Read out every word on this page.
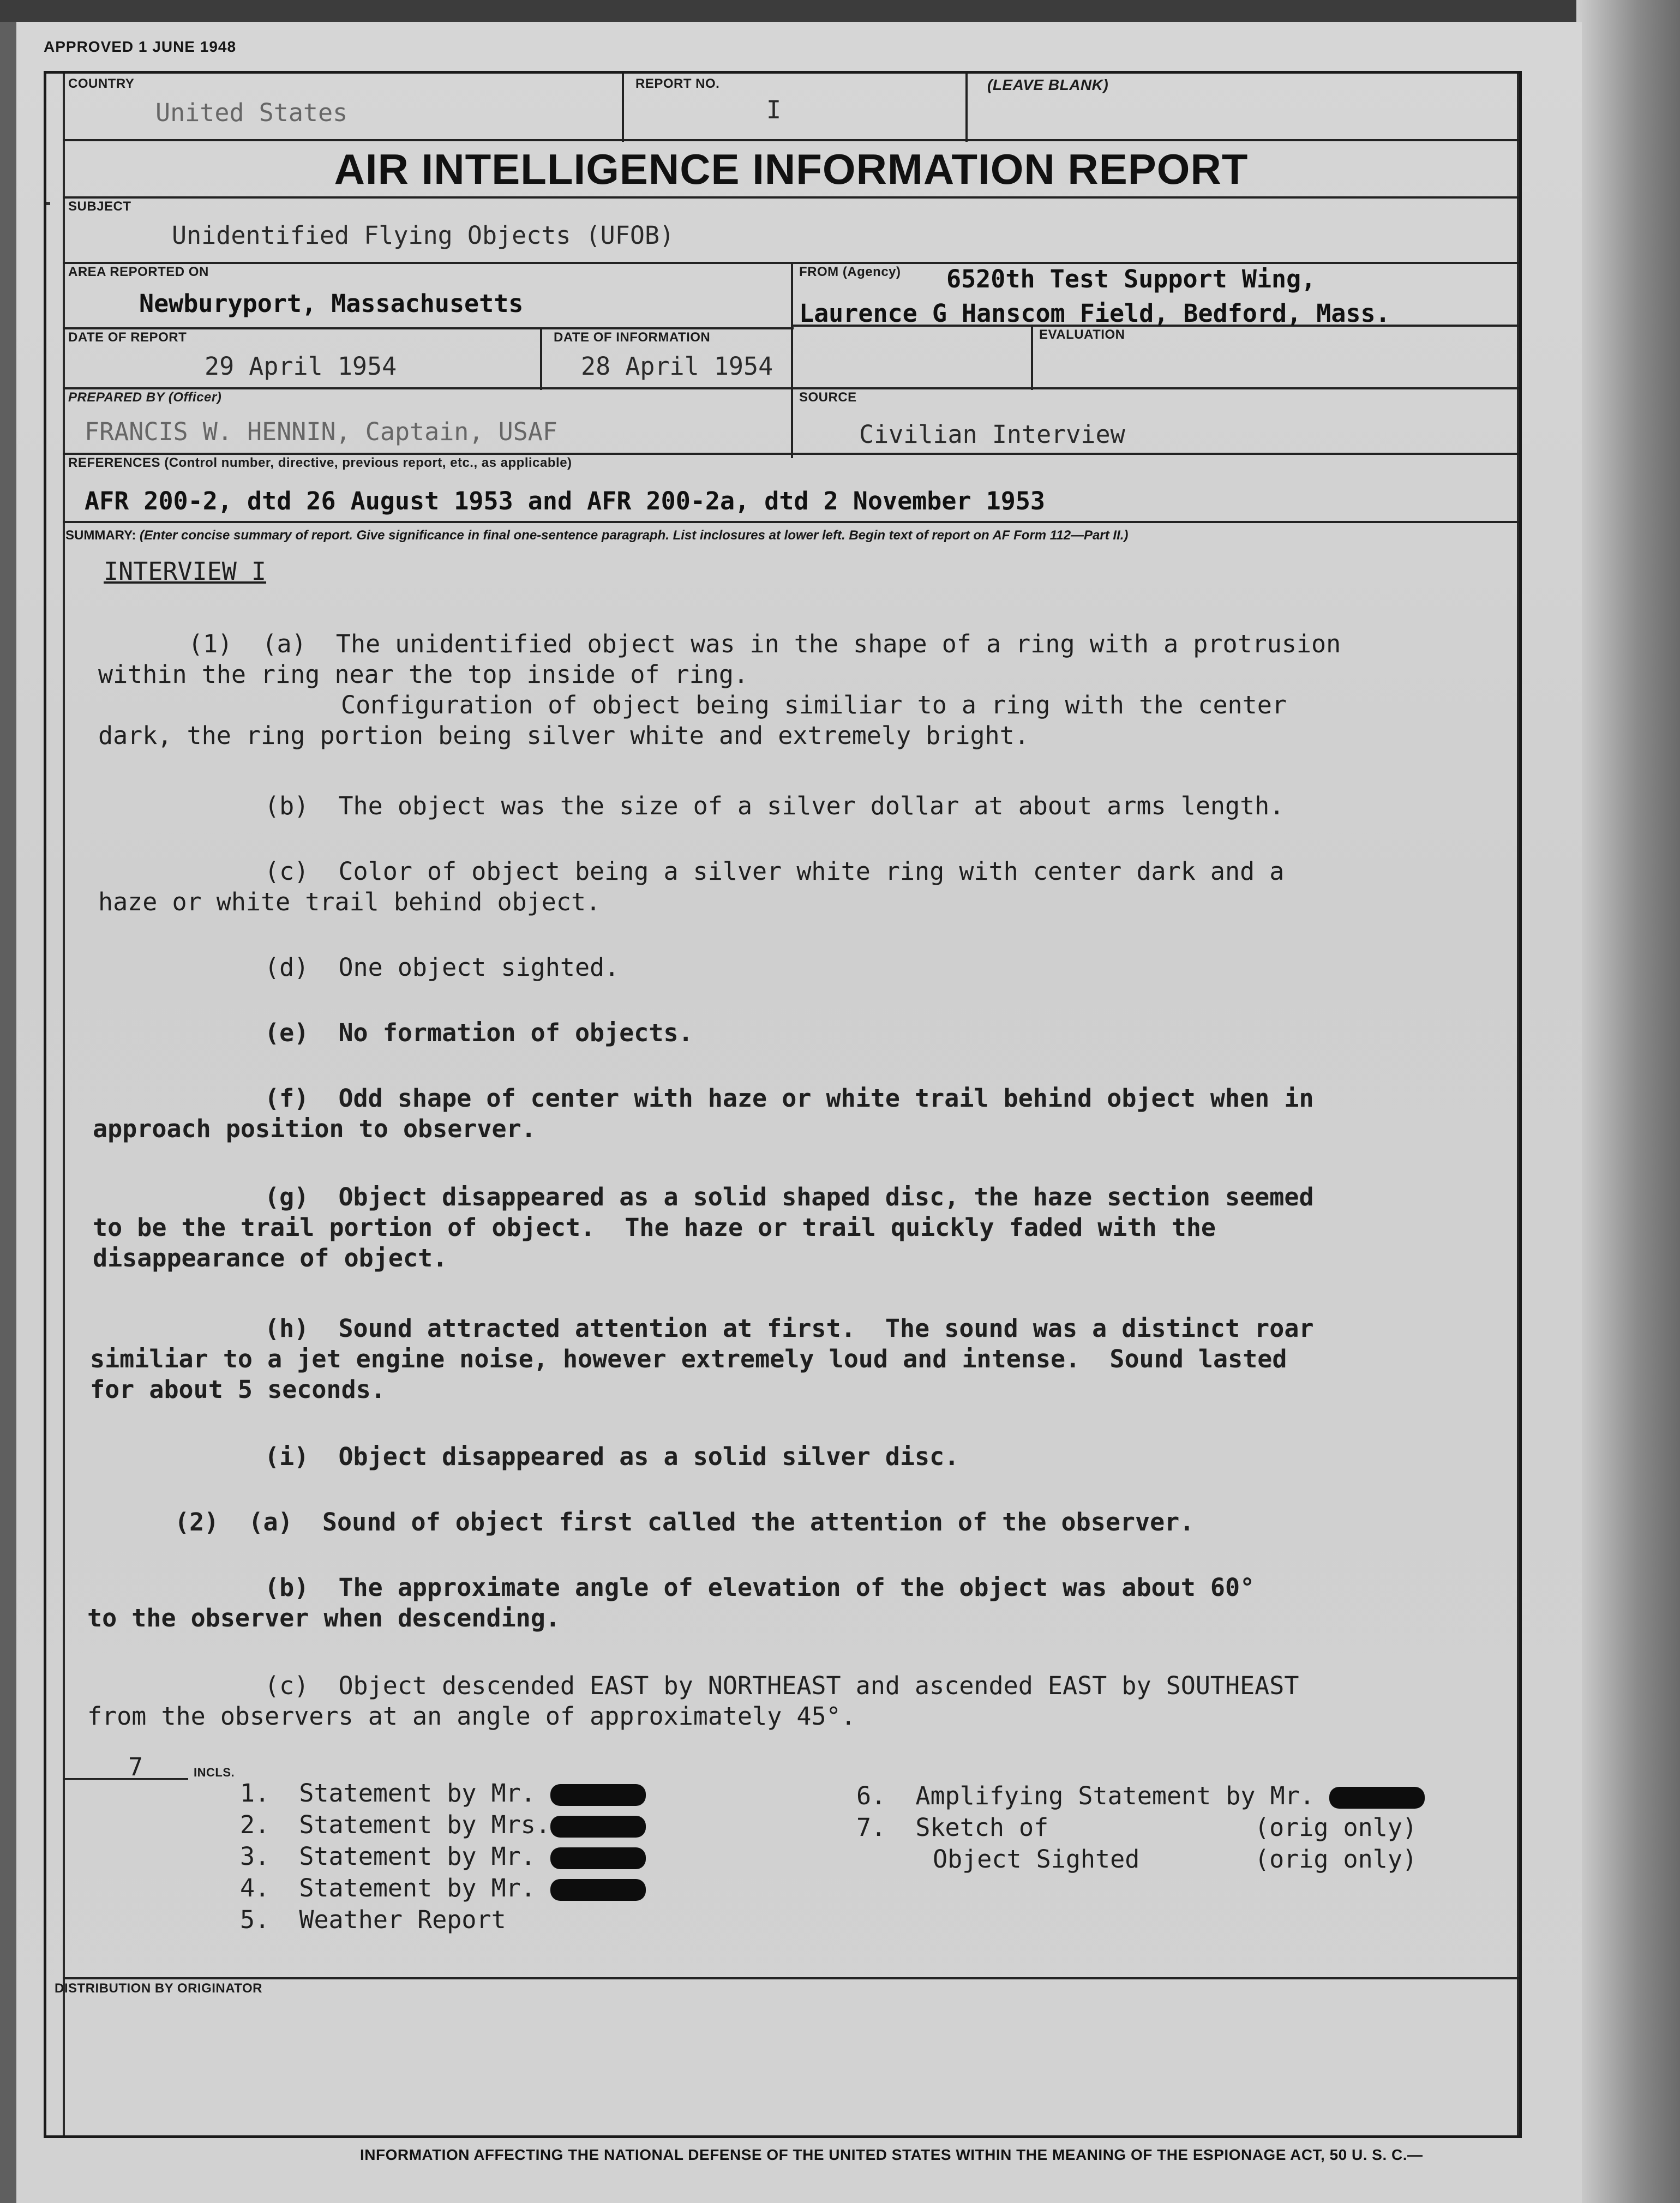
APPROVED 1 JUNE 1948
COUNTRY
United States
REPORT NO.
I
(LEAVE BLANK)
AIR INTELLIGENCE INFORMATION REPORT
SUBJECT
Unidentified Flying Objects (UFOB)
AREA REPORTED ON
Newburyport, Massachusetts
FROM (Agency) 6520th Test Support Wing,
Laurence G Hanscom Field, Bedford, Mass.
DATE OF REPORT
29 April 1954
DATE OF INFORMATION
28 April 1954
EVALUATION
PREPARED BY (Officer)
FRANCIS W. HENNIN, Captain, USAF
SOURCE
Civilian Interview
REFERENCES (Control number, directive, previous report, etc., as applicable)
AFR 200-2, dtd 26 August 1953 and AFR 200-2a, dtd 2 November 1953
SUMMARY: (Enter concise summary of report. Give significance in final one-sentence paragraph. List inclosures at lower left. Begin text of report on AF Form 112—Part II.)
INTERVIEW I
(1)  (a)  The unidentified object was in the shape of a ring with a protrusion
within the ring near the top inside of ring.
Configuration of object being similiar to a ring with the center
dark, the ring portion being silver white and extremely bright.
(b)  The object was the size of a silver dollar at about arms length.
(c)  Color of object being a silver white ring with center dark and a
haze or white trail behind object.
(d)  One object sighted.
(e)  No formation of objects.
(f)  Odd shape of center with haze or white trail behind object when in
approach position to observer.
(g)  Object disappeared as a solid shaped disc, the haze section seemed
to be the trail portion of object.  The haze or trail quickly faded with the
disappearance of object.
(h)  Sound attracted attention at first.  The sound was a distinct roar
similiar to a jet engine noise, however extremely loud and intense.  Sound lasted
for about 5 seconds.
(i)  Object disappeared as a solid silver disc.
(2)  (a)  Sound of object first called the attention of the observer.
(b)  The approximate angle of elevation of the object was about 60°
to the observer when descending.
(c)  Object descended EAST by NORTHEAST and ascended EAST by SOUTHEAST
from the observers at an angle of approximately 45°.
7	INCLS.
1.  Statement by Mr.
2.  Statement by Mrs.
3.  Statement by Mr.
4.  Statement by Mr.
5.  Weather Report
6.  Amplifying Statement by Mr.
7.  Sketch of	(orig only)
Object Sighted	(orig only)
DISTRIBUTION BY ORIGINATOR
INFORMATION AFFECTING THE NATIONAL DEFENSE OF THE UNITED STATES WITHIN THE MEANING OF THE ESPIONAGE ACT, 50 U. S. C.—
